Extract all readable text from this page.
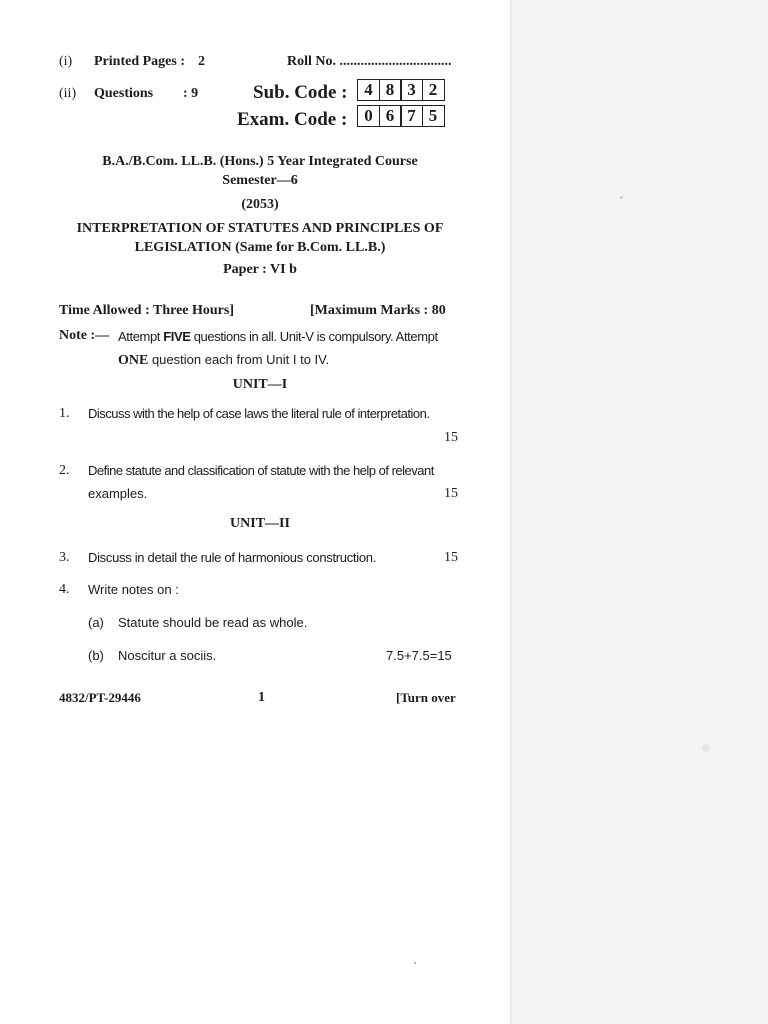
(i) Printed Pages : 2	Roll No. ................................
(ii) Questions : 9	Sub. Code : 4 8 3 2
Exam. Code : 0 6 7 5
B.A./B.Com. LL.B. (Hons.) 5 Year Integrated Course
Semester—6
(2053)
INTERPRETATION OF STATUTES AND PRINCIPLES OF
LEGISLATION (Same for B.Com. LL.B.)
Paper : VI b
Time Allowed : Three Hours]	[Maximum Marks : 80
Note :— Attempt FIVE questions in all. Unit-V is compulsory. Attempt
ONE question each from Unit I to IV.
UNIT—I
1. Discuss with the help of case laws the literal rule of interpretation.
15
2. Define statute and classification of statute with the help of relevant
examples.	15
UNIT—II
3. Discuss in detail the rule of harmonious construction.	15
4. Write notes on :
(a) Statute should be read as whole.
(b) Noscitur a sociis.	7.5+7.5=15
4832/PT-29446	1	[Turn over
